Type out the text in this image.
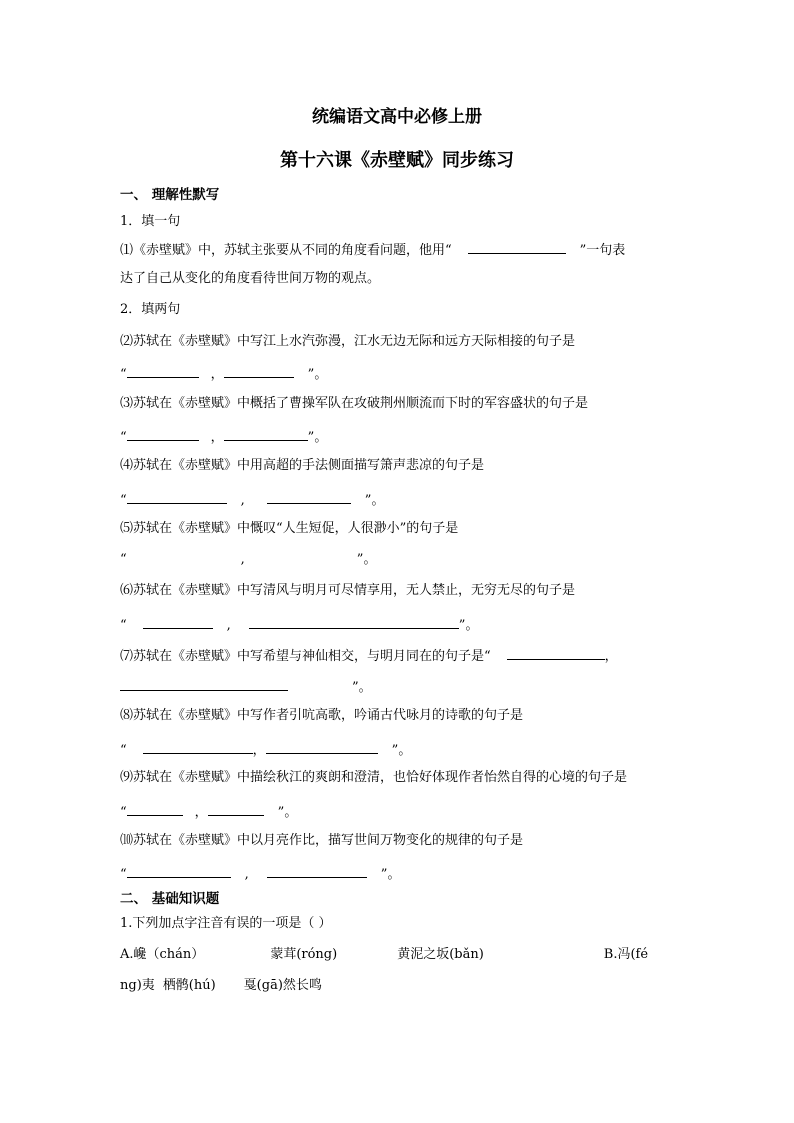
统编语文高中必修上册
第十六课《赤壁赋》同步练习
一、 理解性默写
1．填一句
⑴《赤壁赋》中，苏轼主张要从不同的角度看问题，他用“	”一句表
达了自己从变化的角度看待世间万物的观点。
2．填两句
⑵苏轼在《赤壁赋》中写江上水汽弥漫，江水无边无际和远方天际相接的句子是
“	，	”。
⑶苏轼在《赤壁赋》中概括了曹操军队在攻破荆州顺流而下时的军容盛状的句子是
“	，	”。
⑷苏轼在《赤壁赋》中用高超的手法侧面描写箫声悲凉的句子是
“	,	”。
⑸苏轼在《赤壁赋》中慨叹“人生短促，人很渺小”的句子是
“	,	”。
⑹苏轼在《赤壁赋》中写清风与明月可尽情享用，无人禁止，无穷无尽的句子是
“	,	”。
⑺苏轼在《赤壁赋》中写希望与神仙相交，与明月同在的句子是“	，
”。
⑻苏轼在《赤壁赋》中写作者引吭高歌，吟诵古代咏月的诗歌的句子是
“	，	”。
⑼苏轼在《赤壁赋》中描绘秋江的爽朗和澄清，也恰好体现作者怡然自得的心境的句子是
“	，	”。
⑽苏轼在《赤壁赋》中以月亮作比，描写世间万物变化的规律的句子是
“	,	”。
二、 基础知识题
1.下列加点字注音有误的一项是（ ）
A.巉（chán）	蒙茸(róng)	黄泥之坂(bǎn)	B.冯(fé
ng)夷 栖鹘(hú) 戛(gā)然长鸣
